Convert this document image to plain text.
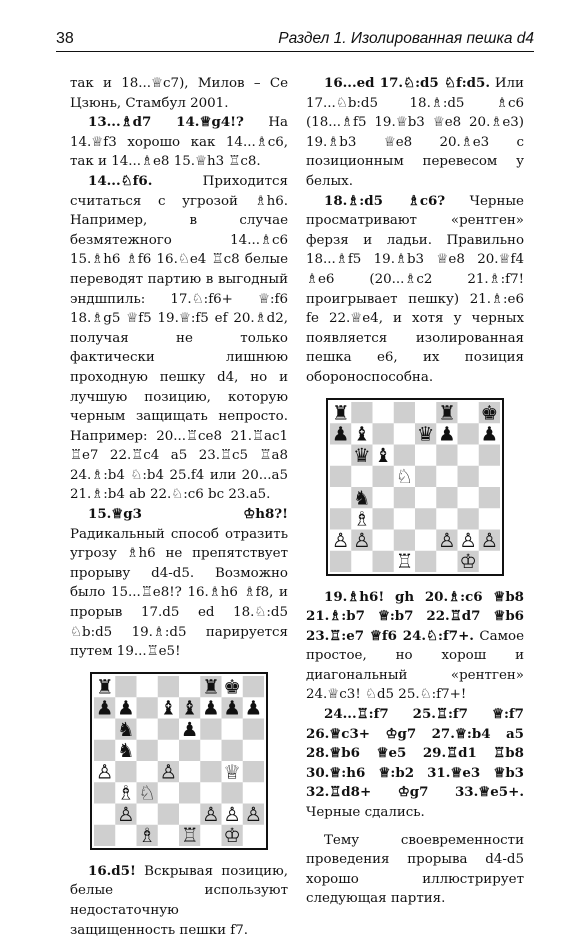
38	Раздел 1. Изолированная пешка d4

так и 18...♕c7), Милов – Се Цзюнь, Стамбул 2001.

13...♗d7 14.♕g4!? На 14.♕f3 хорошо как 14...♗c6, так и 14...♗e8 15.♕h3 ♖c8.

14...♘f6. Приходится считаться с угрозой ♗h6. Например, в случае безмятежного 14...♗c6 15.♗h6 ♗f6 16.♘e4 ♖c8 белые переводят партию в выгодный эндшпиль: 17.♘:f6+ ♕:f6 18.♗g5 ♕f5 19.♕:f5 ef 20.♗d2, получая не только фактически лишнюю проходную пешку d4, но и лучшую позицию, которую черным защищать непросто. Например: 20...♖ce8 21.♖ac1 ♖e7 22.♖c4 a5 23.♖c5 ♖a8 24.♗:b4 ♘:b4 25.f4 или 20...a5 21.♗:b4 ab 22.♘:c6 bc 23.a5.

15.♕g3 ♔h8?! Радикальный способ отразить угрозу ♗h6 не препятствует прорыву d4-d5. Возможно было 15...♖e8!? 16.♗h6 ♗f8, и прорыв 17.d5 ed 18.♘:d5 ♘b:d5 19.♗:d5 парируется путем 19...♖e5!

♜	♜ ♚
♟ ♟ ♝ ♝ ♟ ♟ ♟
♞ ♟
♞
♙ ♙ ♕
♗ ♘
♙	♙ ♙ ♙
♗ ♖ ♔

16.d5! Вскрывая позицию, белые используют недостаточную защищенность пешки f7.

16...ed 17.♘:d5 ♘f:d5. Или 17...♘b:d5 18.♗:d5 ♗c6 (18...♗f5 19.♕b3 ♕e8 20.♗e3) 19.♗b3 ♕e8 20.♗e3 с позиционным перевесом у белых.

18.♗:d5 ♗c6? Черные просматривают «рентген» ферзя и ладьи. Правильно 18...♗f5 19.♗b3 ♕e8 20.♕f4 ♗e6 (20...♗c2 21.♗:f7! проигрывает пешку) 21.♗:e6 fe 22.♕e4, и хотя у черных появляется изолированная пешка e6, их позиция обороноспособна.

♜	♜ ♚
♟ ♝ ♛ ♟ ♟
♛ ♝
♘
♞
♗
♙ ♙	♙ ♙ ♙
♖ ♔

19.♗h6! gh 20.♗:c6 ♕b8 21.♗:b7 ♕:b7 22.♖d7 ♕b6 23.♖:e7 ♕f6 24.♘:f7+. Самое простое, но хорош и диагональный «рентген» 24.♕c3! ♘d5 25.♘:f7+!

24...♖:f7 25.♖:f7 ♕:f7 26.♕c3+ ♔g7 27.♕:b4 a5 28.♕b6 ♕e5 29.♖d1 ♖b8 30.♕:h6 ♕:b2 31.♕e3 ♕b3 32.♖d8+ ♔g7 33.♕e5+. Черные сдались.

Тему своевременности проведения прорыва d4-d5 хорошо иллюстрирует следующая партия.
